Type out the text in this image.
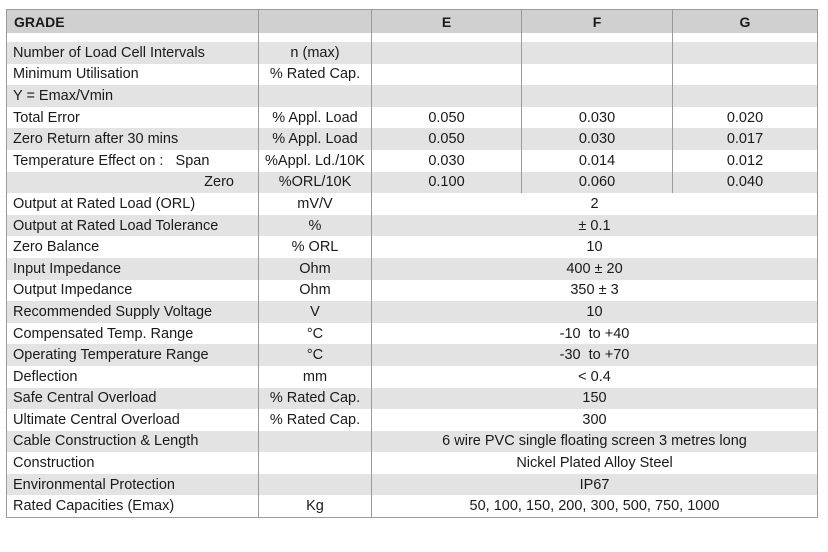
GRADE		E	F	G

Number of Load Cell Intervals	n (max)			
Minimum Utilisation	% Rated Cap.			
Y = Emax/Vmin				
Total Error	% Appl. Load	0.050	0.030	0.020
Zero Return after 30 mins	% Appl. Load	0.050	0.030	0.017
Temperature Effect on :   Span	%Appl. Ld./10K	0.030	0.014	0.012
Zero	%ORL/10K	0.100	0.060	0.040
Output at Rated Load (ORL)	mV/V	2		
Output at Rated Load Tolerance	%	± 0.1		
Zero Balance	% ORL	10		
Input Impedance	Ohm	400 ± 20		
Output Impedance	Ohm	350 ± 3		
Recommended Supply Voltage	V	10		
Compensated Temp. Range	°C	-10  to +40		
Operating Temperature Range	°C	-30  to +70		
Deflection	mm	< 0.4		
Safe Central Overload	% Rated Cap.	150		
Ultimate Central Overload	% Rated Cap.	300		
Cable Construction & Length		6 wire PVC single floating screen 3 metres long		
Construction		Nickel Plated Alloy Steel		
Environmental Protection		IP67		
Rated Capacities (Emax)	Kg	50, 100, 150, 200, 300, 500, 750, 1000		
